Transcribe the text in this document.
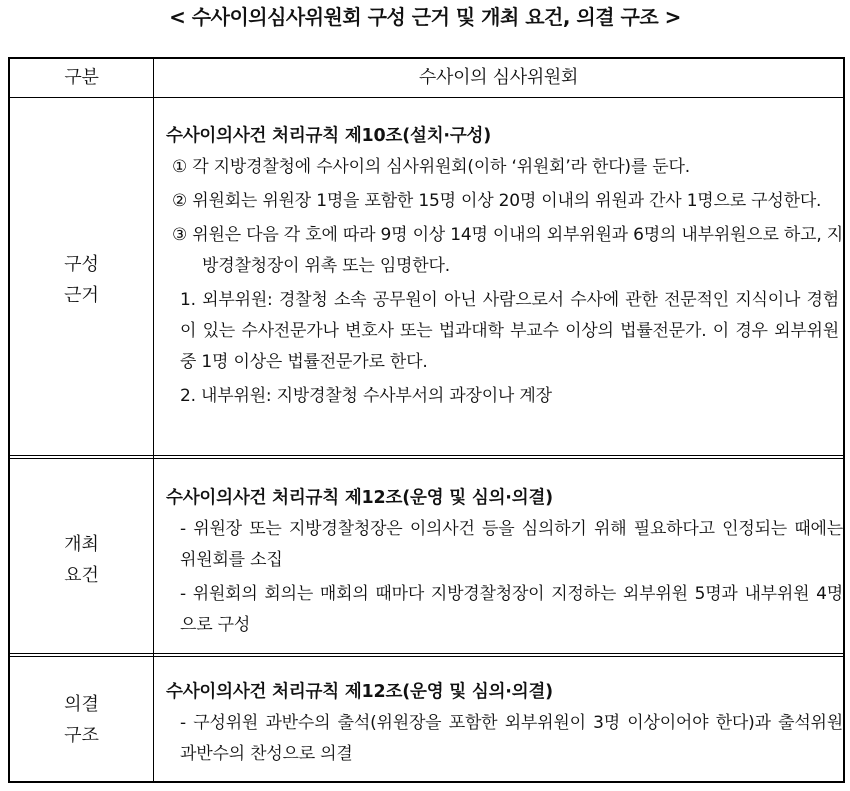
< 수사이의심사위원회 구성 근거 및 개최 요건, 의결 구조 >
구분	수사이의 심사위원회
구성
근거
수사이의사건 처리규칙 제10조(설치·구성)
① 각 지방경찰청에 수사이의 심사위원회(이하 ‘위원회’라 한다)를 둔다.
② 위원회는 위원장 1명을 포함한 15명 이상 20명 이내의 위원과 간사 1명으로 구성한다.
③ 위원은 다음 각 호에 따라 9명 이상 14명 이내의 외부위원과 6명의 내부위원으로 하고, 지방경찰청장이 위촉 또는 임명한다.
1. 외부위원: 경찰청 소속 공무원이 아닌 사람으로서 수사에 관한 전문적인 지식이나 경험이 있는 수사전문가나 변호사 또는 법과대학 부교수 이상의 법률전문가. 이 경우 외부위원 중 1명 이상은 법률전문가로 한다.
2. 내부위원: 지방경찰청 수사부서의 과장이나 계장
개최
요건
수사이의사건 처리규칙 제12조(운영 및 심의·의결)
- 위원장 또는 지방경찰청장은 이의사건 등을 심의하기 위해 필요하다고 인정되는 때에는 위원회를 소집
- 위원회의 회의는 매회의 때마다 지방경찰청장이 지정하는 외부위원 5명과 내부위원 4명으로 구성
의결
구조
수사이의사건 처리규칙 제12조(운영 및 심의·의결)
- 구성위원 과반수의 출석(위원장을 포함한 외부위원이 3명 이상이어야 한다)과 출석위원 과반수의 찬성으로 의결
